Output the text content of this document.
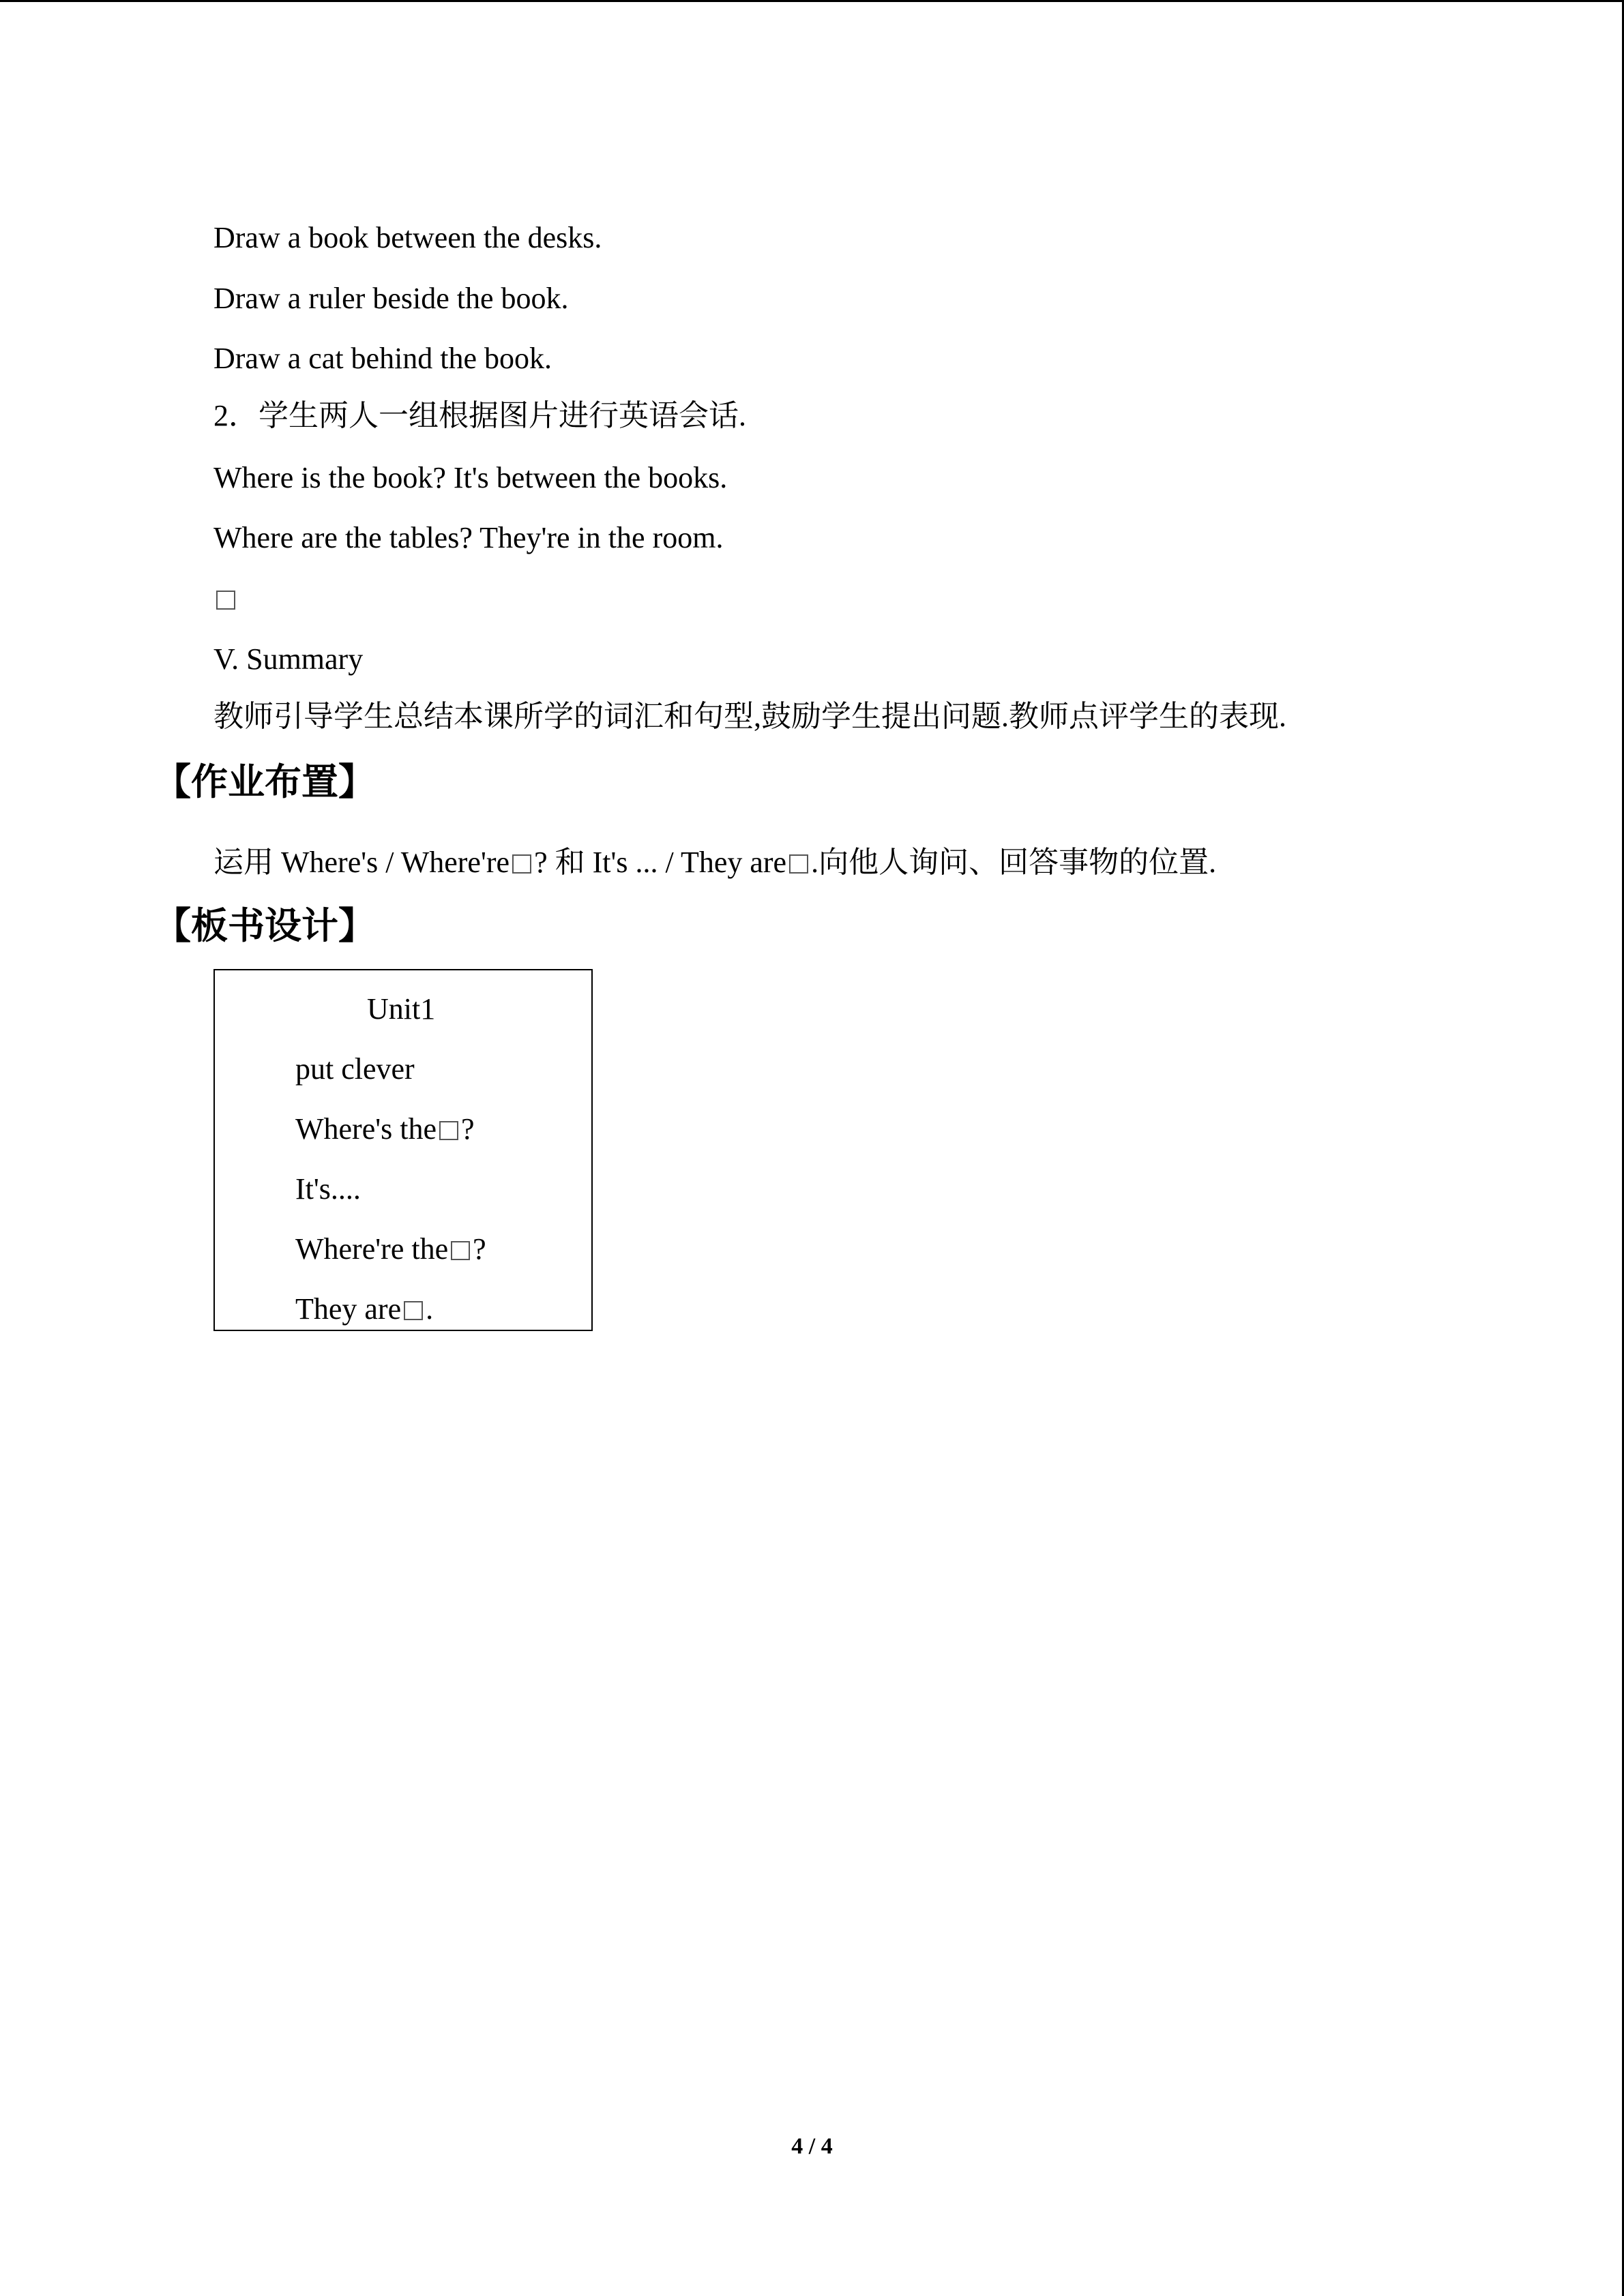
Draw a book between the desks.
Draw a ruler beside the book.
Draw a cat behind the book.
2．学生两人一组根据图片进行英语会话.
Where is the book? It's between the books.
Where are the tables? They're in the room.
V. Summary
教师引导学生总结本课所学的词汇和句型,鼓励学生提出问题.教师点评学生的表现.
【作业布置】
运用 Where's / Where're ? 和 It's ... / They are .向他人询问、回答事物的位置.
【板书设计】
Unit1
put clever
Where's the ?
It's....
Where're the ?
They are .
4 / 4
